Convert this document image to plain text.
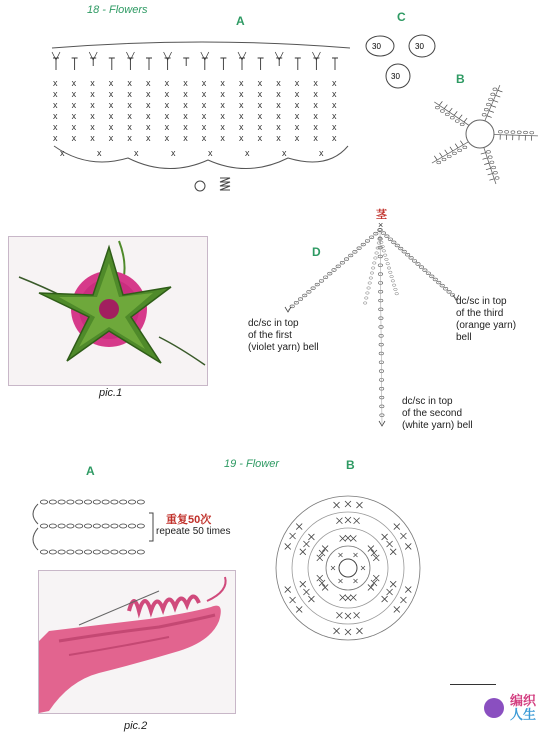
18 - Flowers
A	C
B
x
x
x
x
x
x
x
x
x
x
x
x
x
x
x
x
x
x
x
x
x
x
x
x
x
x
x
x
x
x
x
x
x
x
x
x
x
x
x
x
x
x
x
x
x
x
x
x
x
x
x
x
x
x
x
x
x
x
x
x
x
x
x
x
x
x
x
x
x
x
x
x
x
x
x
x
x
x
x
x
x
x
x
x
x
x
x
x
x
x
x
x
x
x
x
x
x	x	x	x	x	x	x	x
30	30
30
pic.1
茎
D
×
dc/sc in top
of the first
(violet yarn) bell
dc/sc in top
of the third
(orange yarn)
bell
dc/sc in top
of the second
(white yarn) bell
19 - Flower
A	B
重复50次
repeate 50 times
pic.2
编织
人生
